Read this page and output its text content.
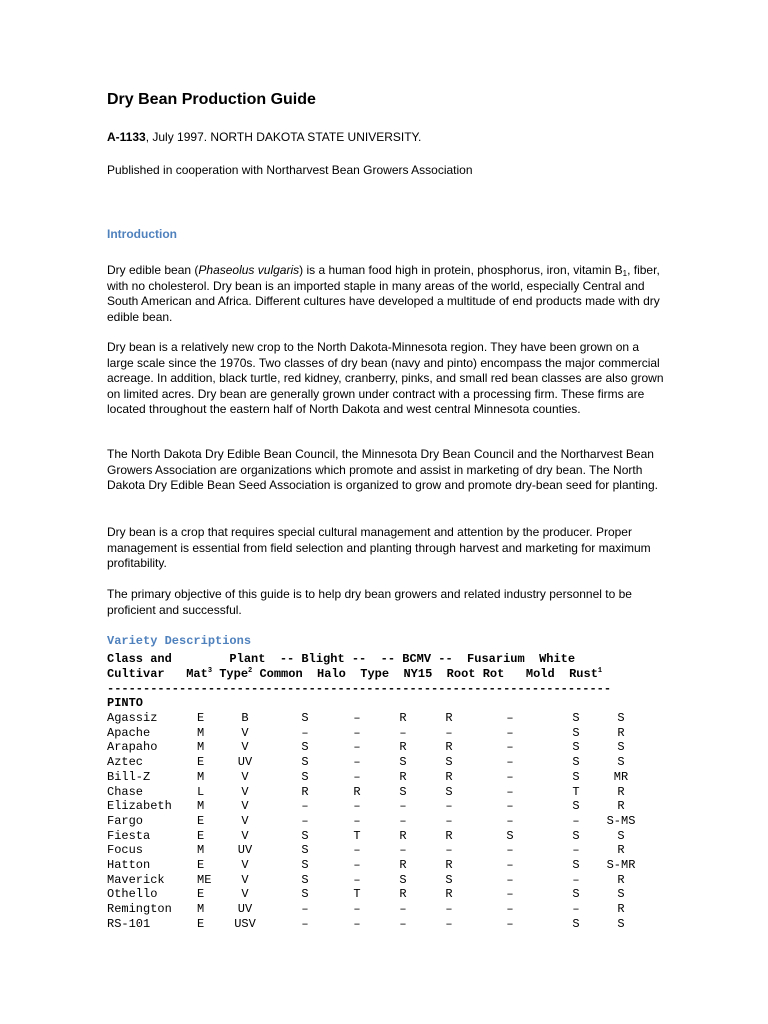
Dry Bean Production Guide
A-1133, July 1997. NORTH DAKOTA STATE UNIVERSITY.
Published in cooperation with Northarvest Bean Growers Association
Introduction
Dry edible bean (Phaseolus vulgaris) is a human food high in protein, phosphorus, iron, vitamin $B_1$, fiber, with no cholesterol. Dry bean is an imported staple in many areas of the world, especially Central and South American and Africa. Different cultures have developed a multitude of end products made with dry edible bean.
Dry bean is a relatively new crop to the North Dakota-Minnesota region. They have been grown on a large scale since the 1970s. Two classes of dry bean (navy and pinto) encompass the major commercial acreage. In addition, black turtle, red kidney, cranberry, pinks, and small red bean classes are also grown on limited acres. Dry bean are generally grown under contract with a processing firm. These firms are located throughout the eastern half of North Dakota and west central Minnesota counties.
The North Dakota Dry Edible Bean Council, the Minnesota Dry Bean Council and the Northarvest Bean Growers Association are organizations which promote and assist in marketing of dry bean. The North Dakota Dry Edible Bean Seed Association is organized to grow and promote dry-bean seed for planting.
Dry bean is a crop that requires special cultural management and attention by the producer. Proper management is essential from field selection and planting through harvest and marketing for maximum profitability.
The primary objective of this guide is to help dry bean growers and related industry personnel to be proficient and successful.
Variety Descriptions
Class and        Plant  -- Blight --  -- BCMV --  Fusarium  White
Cultivar   Mat$^3$ Type$^2$ Common  Halo  Type  NY15  Root Rot   Mold  Rust$^1$
----------------------------------------------------------------------
PINTO
Agassiz	E	B	S	–	R	R	–	S	S
Apache	M	V	–	–	–	–	–	S	R
Arapaho	M	V	S	–	R	R	–	S	S
Aztec	E	UV	S	–	S	S	–	S	S
Bill-Z	M	V	S	–	R	R	–	S	MR
Chase	L	V	R	R	S	S	–	T	R
Elizabeth M	V	–	–	–	–	–	S	R
Fargo	E	V	–	–	–	–	–	– S-MS
Fiesta	E	V	S	T	R	R	S	S	S
Focus	M	UV	S	–	–	–	–	–	R
Hatton	E	V	S	–	R	R	–	S S-MR
Maverick	ME V	S	–	S	S	–	–	R
Othello	E	V	S	T	R	R	–	S	S
Remington M	UV	–	–	–	–	–	–	R
RS-101	E USV	–	–	–	–	–	S	S
